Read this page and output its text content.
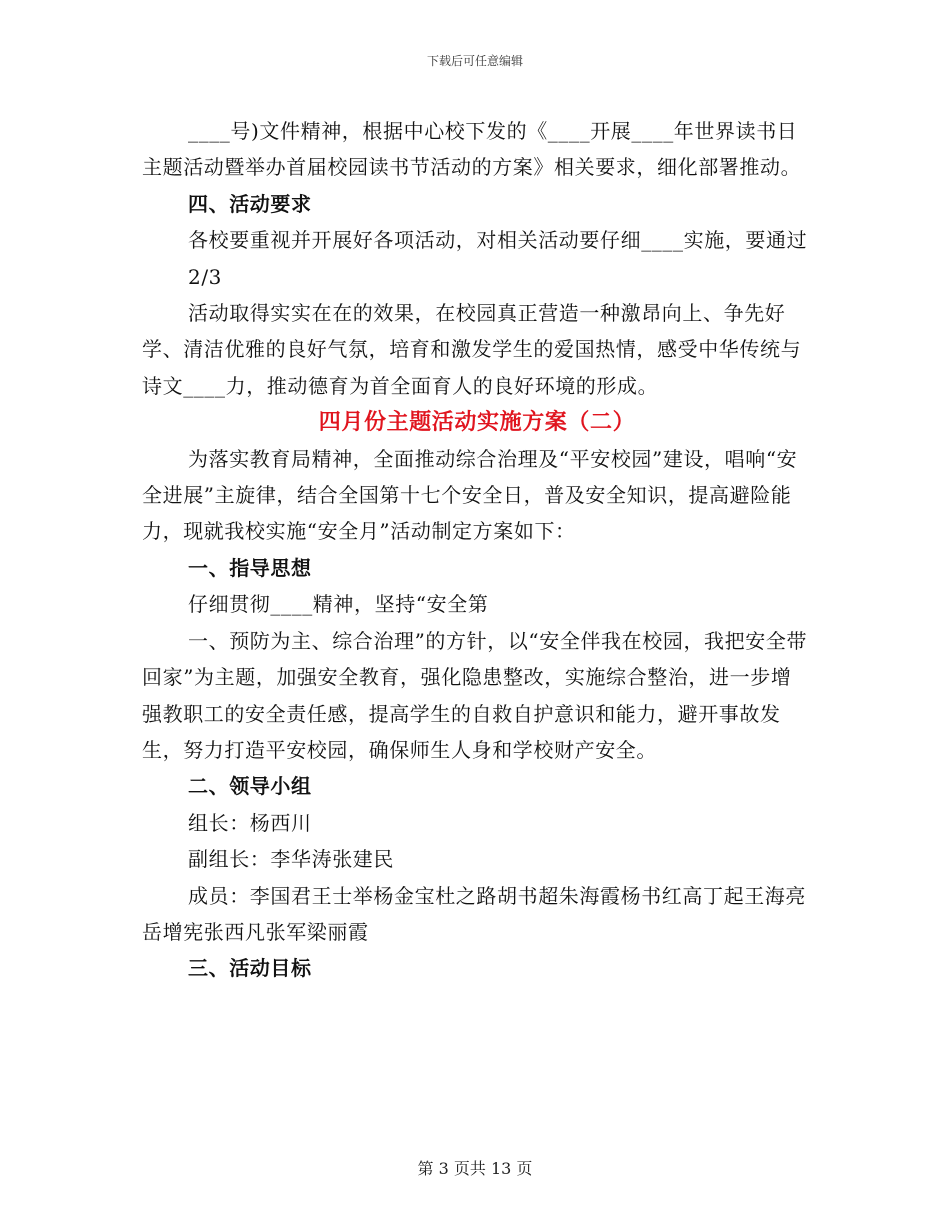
下载后可任意编辑

____号)文件精神，根据中心校下发的《____开展____年世界读书日主题活动暨举办首届校园读书节活动的方案》相关要求，细化部署推动。

四、活动要求

各校要重视并开展好各项活动，对相关活动要仔细____实施，要通过

2/3

活动取得实实在在的效果，在校园真正营造一种激昂向上、争先好学、清洁优雅的良好气氛，培育和激发学生的爱国热情，感受中华传统与诗文____力，推动德育为首全面育人的良好环境的形成。

四月份主题活动实施方案（二）

为落实教育局精神，全面推动综合治理及“平安校园”建设，唱响“安全进展”主旋律，结合全国第十七个安全日，普及安全知识，提高避险能力，现就我校实施“安全月”活动制定方案如下：

一、指导思想

仔细贯彻____精神，坚持“安全第

一、预防为主、综合治理”的方针，以“安全伴我在校园，我把安全带回家”为主题，加强安全教育，强化隐患整改，实施综合整治，进一步增强教职工的安全责任感，提高学生的自救自护意识和能力，避开事故发生，努力打造平安校园，确保师生人身和学校财产安全。

二、领导小组

组长：杨西川

副组长：李华涛张建民

成员：李国君王士举杨金宝杜之路胡书超朱海霞杨书红高丁起王海亮岳增宪张西凡张军梁丽霞

三、活动目标

第 3 页共 13 页
